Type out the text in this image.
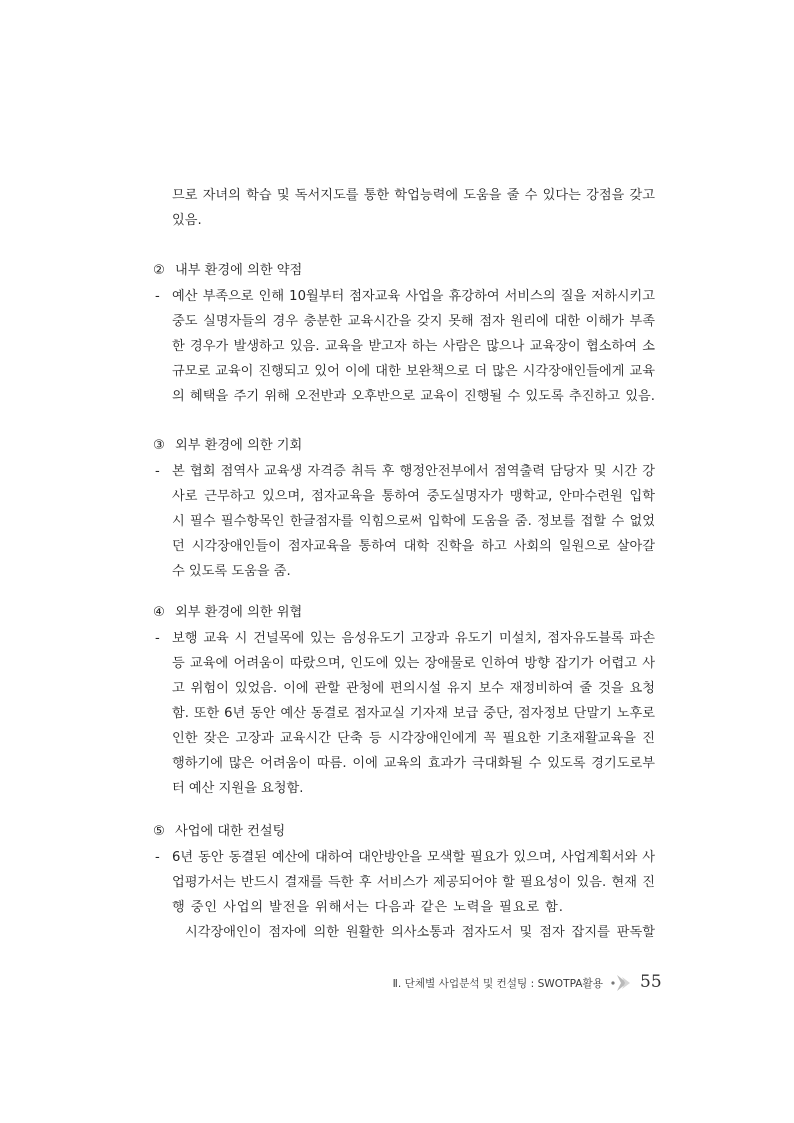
므로 자녀의 학습 및 독서지도를 통한 학업능력에 도움을 줄 수 있다는 강점을 갖고
있음.
② 내부 환경에 의한 약점
- 예산 부족으로 인해 10월부터 점자교육 사업을 휴강하여 서비스의 질을 저하시키고
중도 실명자들의 경우 충분한 교육시간을 갖지 못해 점자 원리에 대한 이해가 부족
한 경우가 발생하고 있음. 교육을 받고자 하는 사람은 많으나 교육장이 협소하여 소
규모로 교육이 진행되고 있어 이에 대한 보완책으로 더 많은 시각장애인들에게 교육
의 혜택을 주기 위해 오전반과 오후반으로 교육이 진행될 수 있도록 추진하고 있음.
③ 외부 환경에 의한 기회
- 본 협회 점역사 교육생 자격증 취득 후 행정안전부에서 점역출력 담당자 및 시간 강
사로 근무하고 있으며, 점자교육을 통하여 중도실명자가 맹학교, 안마수련원 입학
시 필수 필수항목인 한글점자를 익힘으로써 입학에 도움을 줌. 정보를 접할 수 없었
던 시각장애인들이 점자교육을 통하여 대학 진학을 하고 사회의 일원으로 살아갈
수 있도록 도움을 줌.
④ 외부 환경에 의한 위협
- 보행 교육 시 건널목에 있는 음성유도기 고장과 유도기 미설치, 점자유도블록 파손
등 교육에 어려움이 따랐으며, 인도에 있는 장애물로 인하여 방향 잡기가 어렵고 사
고 위험이 있었음. 이에 관할 관청에 편의시설 유지 보수 재정비하여 줄 것을 요청
함. 또한 6년 동안 예산 동결로 점자교실 기자재 보급 중단, 점자정보 단말기 노후로
인한 잦은 고장과 교육시간 단축 등 시각장애인에게 꼭 필요한 기초재활교육을 진
행하기에 많은 어려움이 따름. 이에 교육의 효과가 극대화될 수 있도록 경기도로부
터 예산 지원을 요청함.
⑤ 사업에 대한 컨설팅
- 6년 동안 동결된 예산에 대하여 대안방안을 모색할 필요가 있으며, 사업계획서와 사
업평가서는 반드시 결재를 득한 후 서비스가 제공되어야 할 필요성이 있음. 현재 진
행 중인 사업의 발전을 위해서는 다음과 같은 노력을 필요로 함.
시각장애인이 점자에 의한 원활한 의사소통과 점자도서 및 점자 잡지를 판독할
Ⅱ. 단체별 사업분석 및 컨설팅 : SWOTPA활용 55
